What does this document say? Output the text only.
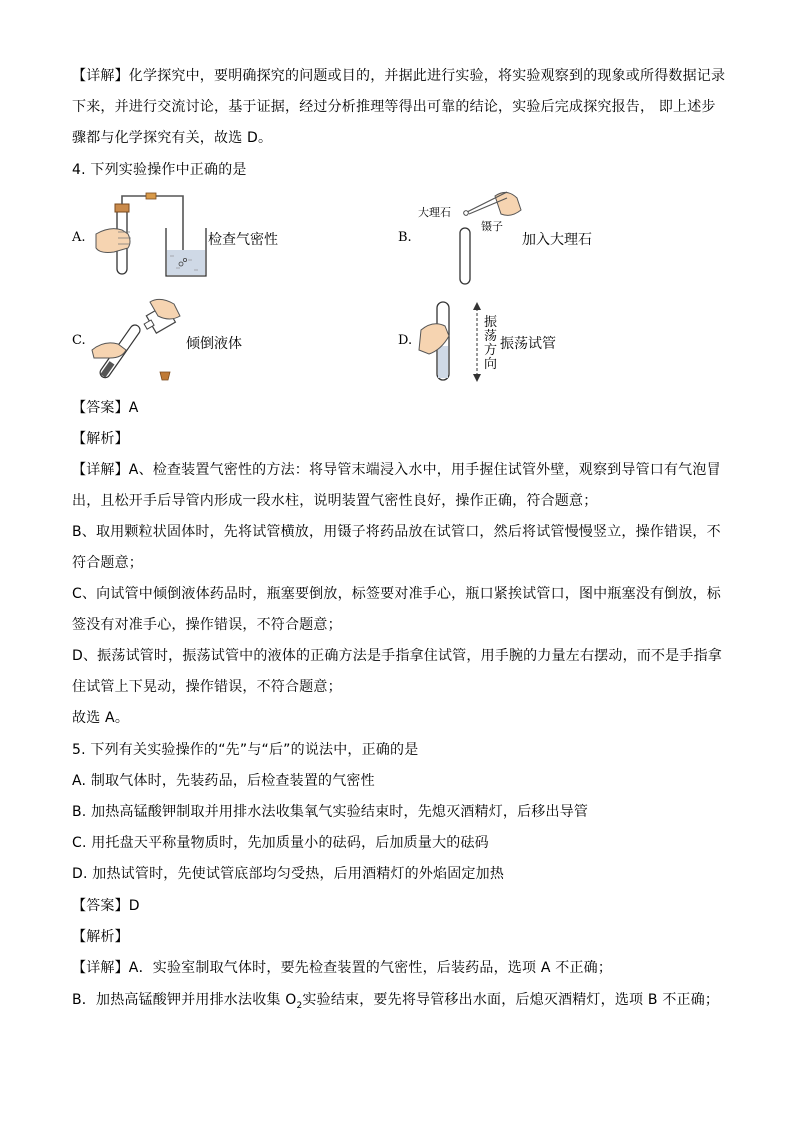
【详解】化学探究中，要明确探究的问题或目的，并据此进行实验，将实验观察到的现象或所得数据记录
下来，并进行交流讨论，基于证据，经过分析推理等得出可靠的结论，实验后完成探究报告， 即上述步
骤都与化学探究有关，故选 D。
4. 下列实验操作中正确的是
A.	检查气密性	B.
大理石
镊子
加入大理石
C.	倾倒液体	D.
振
荡
方
向
振荡试管
【答案】A
【解析】
【详解】A、检查装置气密性的方法：将导管末端浸入水中，用手握住试管外壁，观察到导管口有气泡冒
出，且松开手后导管内形成一段水柱，说明装置气密性良好，操作正确，符合题意；
B、取用颗粒状固体时，先将试管横放，用镊子将药品放在试管口，然后将试管慢慢竖立，操作错误，不
符合题意；
C、向试管中倾倒液体药品时，瓶塞要倒放，标签要对准手心，瓶口紧挨试管口，图中瓶塞没有倒放，标
签没有对准手心，操作错误，不符合题意；
D、振荡试管时，振荡试管中的液体的正确方法是手指拿住试管，用手腕的力量左右摆动，而不是手指拿
住试管上下晃动，操作错误，不符合题意；
故选 A。
5. 下列有关实验操作的“先”与“后”的说法中，正确的是
A. 制取气体时，先装药品，后检查装置的气密性
B. 加热高锰酸钾制取并用排水法收集氧气实验结束时，先熄灭酒精灯，后移出导管
C. 用托盘天平称量物质时，先加质量小的砝码，后加质量大的砝码
D. 加热试管时，先使试管底部均匀受热，后用酒精灯的外焰固定加热
【答案】D
【解析】
【详解】A．实验室制取气体时，要先检查装置的气密性，后装药品，选项 A 不正确；
B．加热高锰酸钾并用排水法收集 $O_2$实验结束，要先将导管移出水面，后熄灭酒精灯，选项 B 不正确；
